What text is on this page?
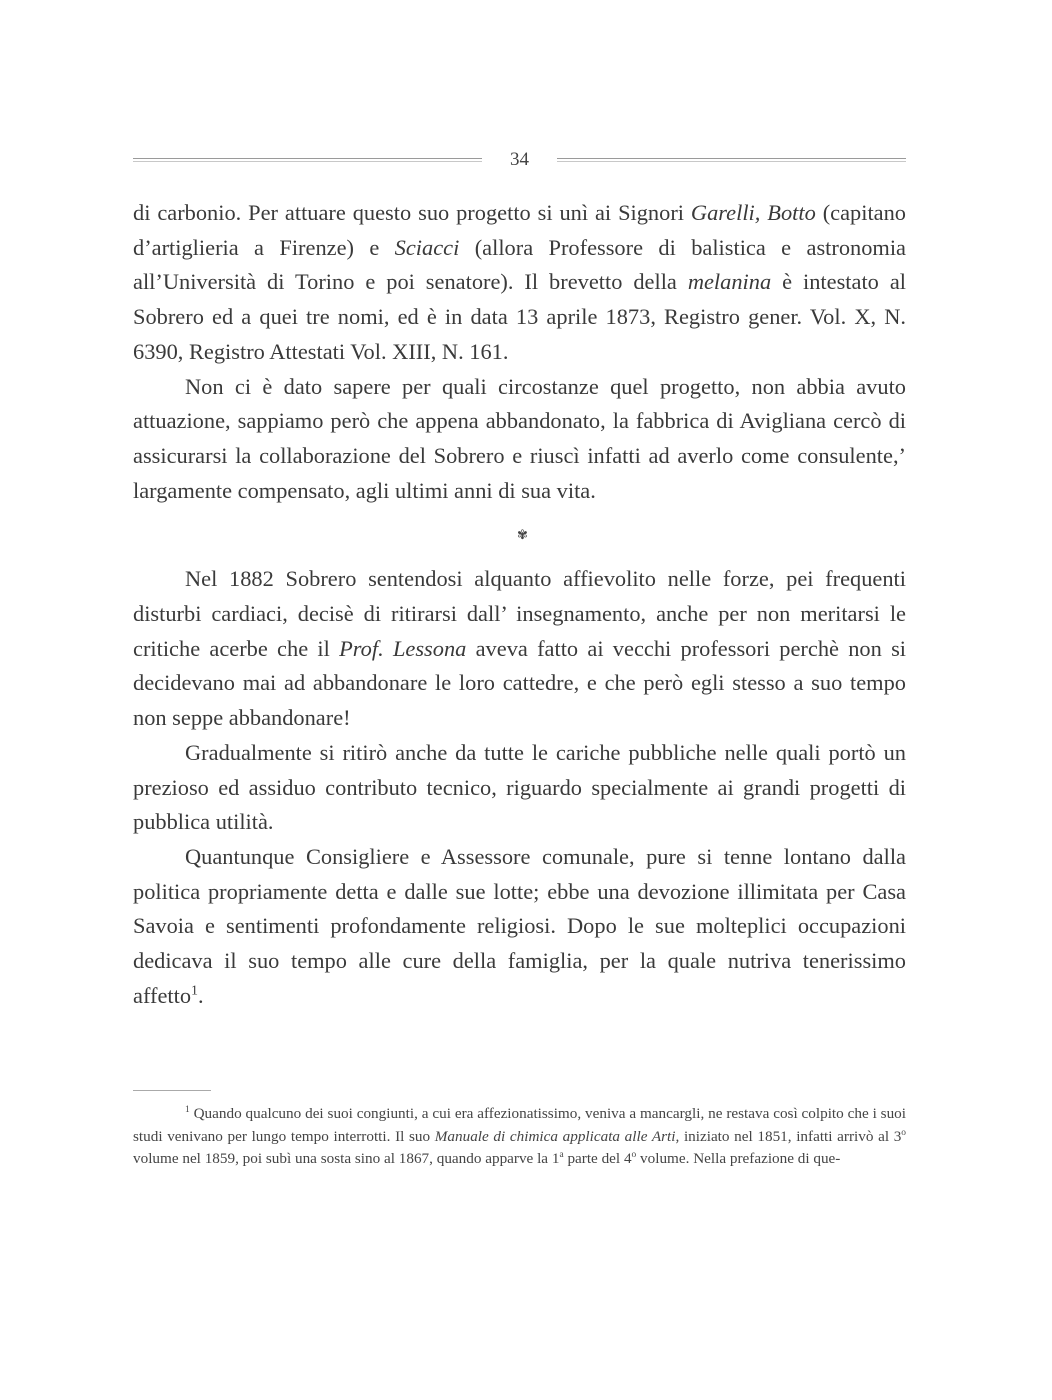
34

di carbonio. Per attuare questo suo progetto si unì ai Signori Garelli, Botto (capitano d’artiglieria a Firenze) e Sciacci (allora Professore di balistica e astronomia all’Università di Torino e poi senatore). Il brevetto della melanina è intestato al Sobrero ed a quei tre nomi, ed è in data 13 aprile 1873, Registro gener. Vol. X, N. 6390, Registro Attestati Vol. XIII, N. 161.

Non ci è dato sapere per quali circostanze quel progetto, non abbia avuto attuazione, sappiamo però che appena abbandonato, la fabbrica di Avigliana cercò di assicurarsi la collaborazione del Sobrero e riuscì infatti ad averlo come consulente,’ largamente compensato, agli ultimi anni di sua vita.

✾

Nel 1882 Sobrero sentendosi alquanto affievolito nelle forze, pei frequenti disturbi cardiaci, decisè di ritirarsi dall’ insegnamento, anche per non meritarsi le critiche acerbe che il Prof. Lessona aveva fatto ai vecchi professori perchè non si decidevano mai ad abbandonare le loro cattedre, e che però egli stesso a suo tempo non seppe abbandonare!

Gradualmente si ritirò anche da tutte le cariche pubbliche nelle quali portò un prezioso ed assiduo contributo tecnico, riguardo specialmente ai grandi progetti di pubblica utilità.

Quantunque Consigliere e Assessore comunale, pure si tenne lontano dalla politica propriamente detta e dalle sue lotte; ebbe una devozione illimitata per Casa Savoia e sentimenti profondamente religiosi. Dopo le sue molteplici occupazioni dedicava il suo tempo alle cure della famiglia, per la quale nutriva tenerissimo affetto$^1$.

$^1$ Quando qualcuno dei suoi congiunti, a cui era affezionatissimo, veniva a mancargli, ne restava così colpito che i suoi studi venivano per lungo tempo interrotti. Il suo Manuale di chimica applicata alle Arti, iniziato nel 1851, infatti arrivò al 3$^o$ volume nel 1859, poi subì una sosta sino al 1867, quando apparve la 1$^a$ parte del 4$^o$ volume. Nella prefazione di que-
